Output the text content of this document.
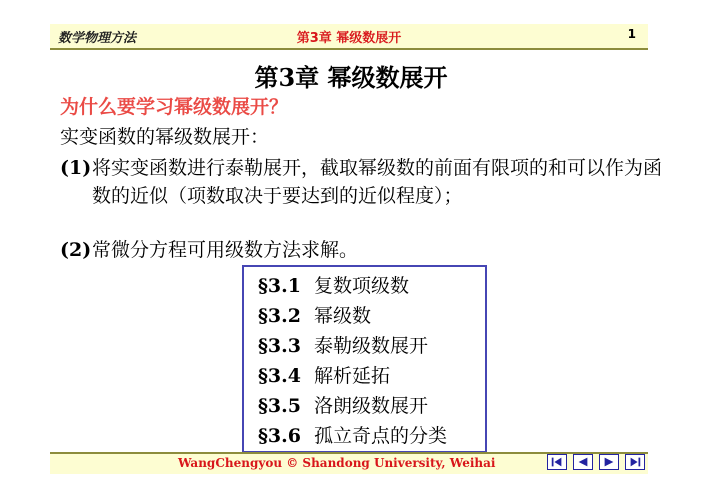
数学物理方法	第3章 幂级数展开	1
第3章 幂级数展开
为什么要学习幂级数展开？
实变函数的幂级数展开：
(1) 将实变函数进行泰勒展开，截取幂级数的前面有限项的和可以作为函数的近似（项数取决于要达到的近似程度）；
(2) 常微分方程可用级数方法求解。
§3.1 复数项级数
§3.2 幂级数
§3.3 泰勒级数展开
§3.4 解析延拓
§3.5 洛朗级数展开
§3.6 孤立奇点的分类
WangChengyou © Shandong University, Weihai
